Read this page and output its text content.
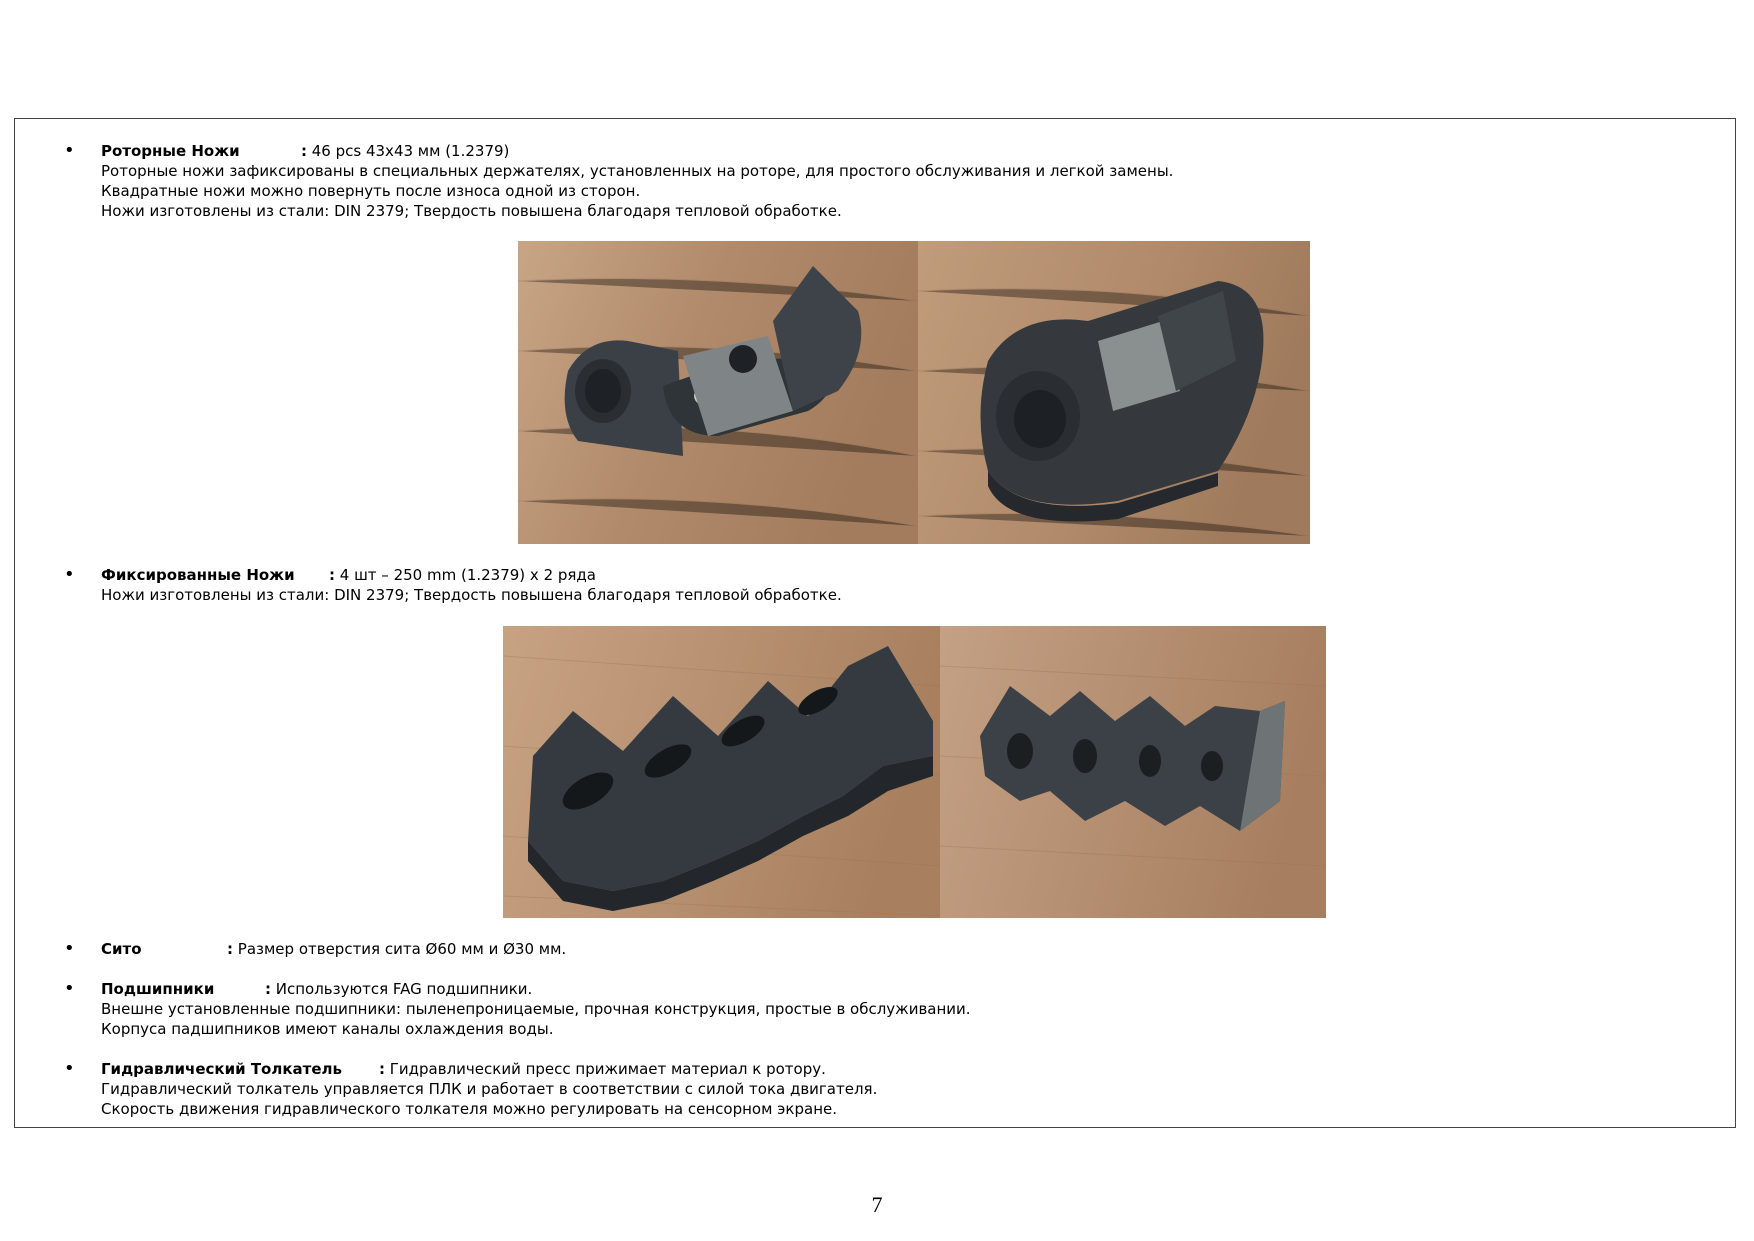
• Роторные Ножи	: 46 pcs 43x43 мм (1.2379)
Роторные ножи зафиксированы в специальных держателях, установленных на роторе, для простого обслуживания и легкой замены.
Квадратные ножи можно повернуть после износа одной из сторон.
Ножи изготовлены из стали: DIN 2379; Твердость повышена благодаря тепловой обработке.
• Фиксированные Ножи : 4 шт – 250 mm (1.2379) x 2 ряда
Ножи изготовлены из стали: DIN 2379; Твердость повышена благодаря тепловой обработке.
• Сито	: Размер отверстия сита Ø60 мм и Ø30 мм.
• Подшипники	: Используются FAG подшипники.
Внешне установленные подшипники: пыленепроницаемые, прочная конструкция, простые в обслуживании.
Корпуса падшипников имеют каналы охлаждения воды.
• Гидравлический Толкатель : Гидравлический пресс прижимает материал к ротору.
Гидравлический толкатель управляется ПЛК и работает в соответствии с силой тока двигателя.
Скорость движения гидравлического толкателя можно регулировать на сенсорном экране.
7
